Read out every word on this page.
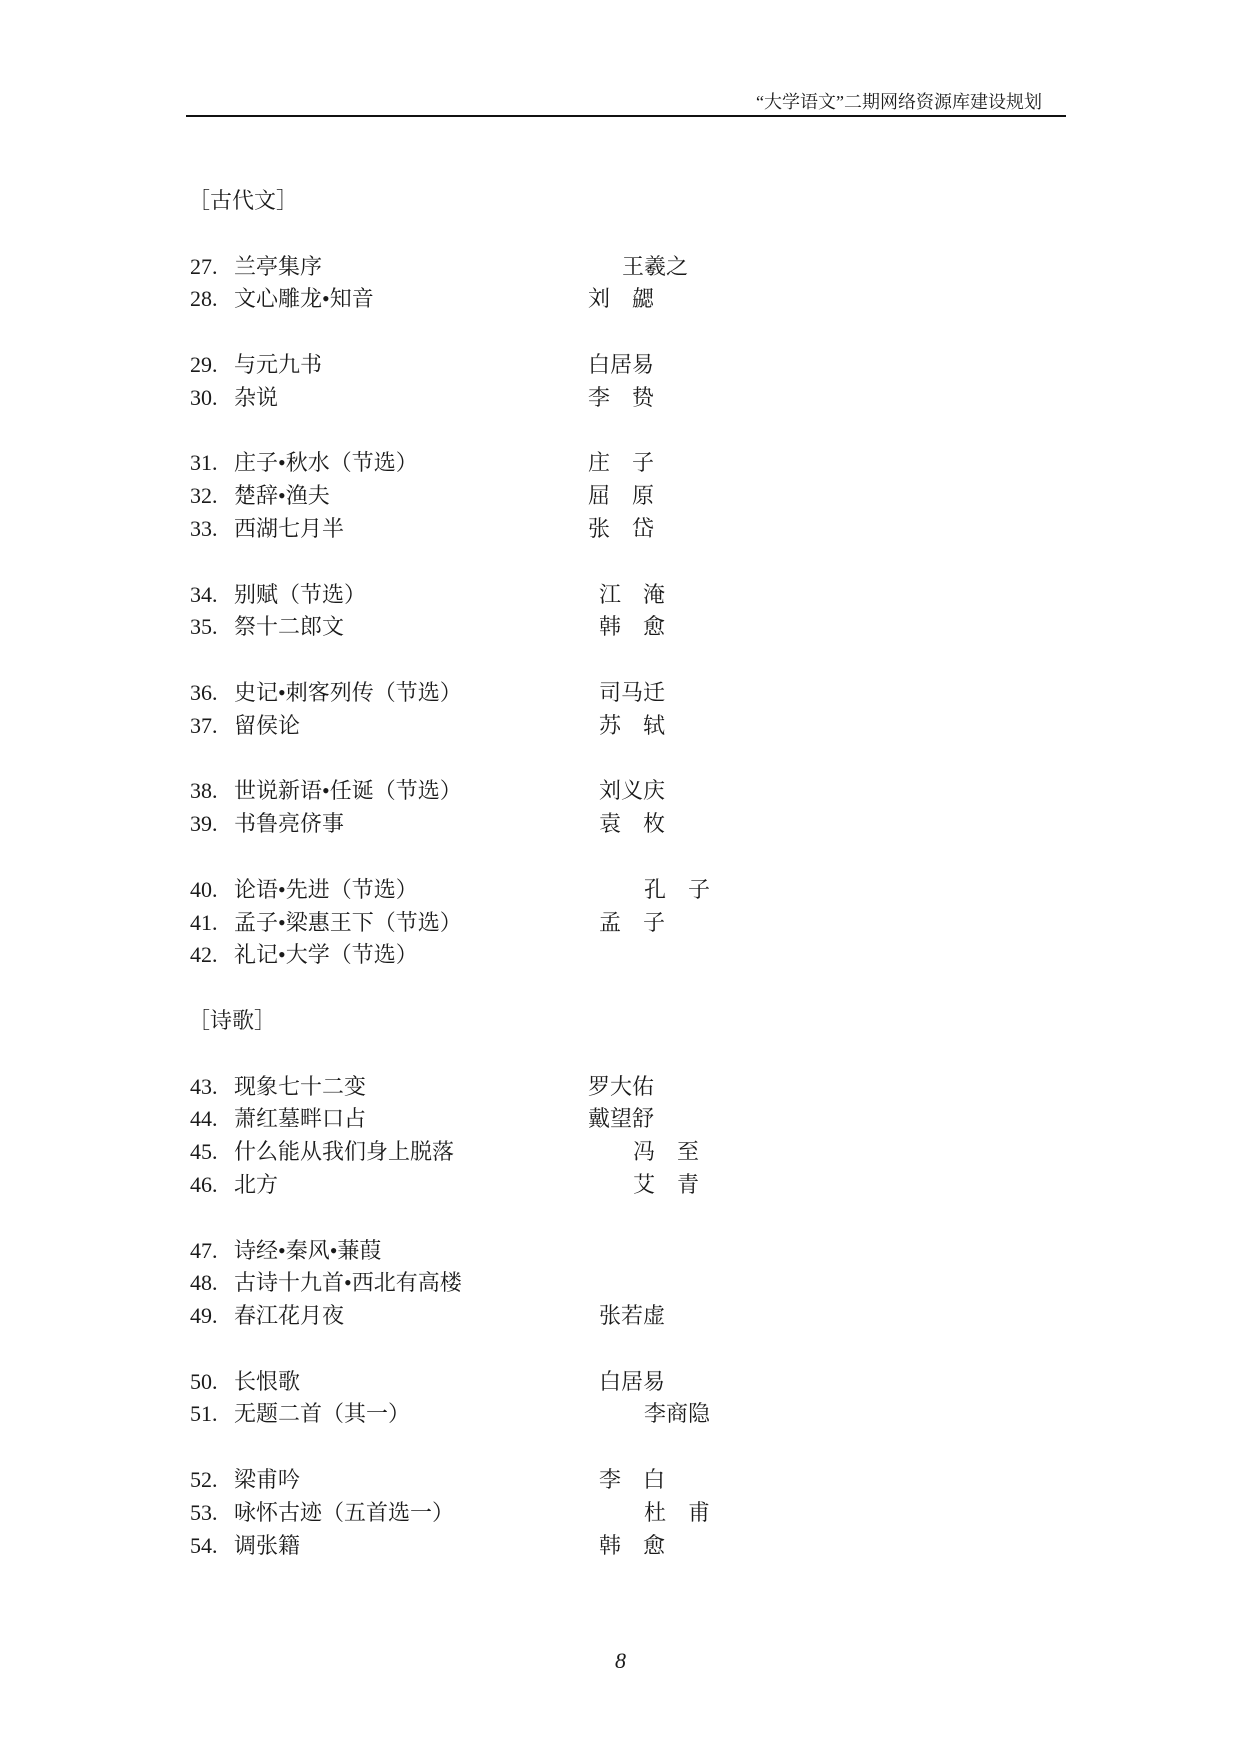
“大学语文”二期网络资源库建设规划
［古代文］
27. 兰亭集序	王羲之
28. 文心雕龙•知音	刘　勰
29. 与元九书	白居易
30. 杂说	李　贽
31. 庄子•秋水（节选）	庄　子
32. 楚辞•渔夫	屈　原
33. 西湖七月半	张　岱
34. 别赋（节选）	江　淹
35. 祭十二郎文	韩　愈
36. 史记•刺客列传（节选）	司马迁
37. 留侯论	苏　轼
38. 世说新语•任诞（节选）	刘义庆
39. 书鲁亮侪事	袁　枚
40. 论语•先进（节选）	孔　子
41. 孟子•梁惠王下（节选）	孟　子
42. 礼记•大学（节选）
［诗歌］
43. 现象七十二变	罗大佑
44. 萧红墓畔口占	戴望舒
45. 什么能从我们身上脱落	冯　至
46. 北方	艾　青
47. 诗经•秦风•蒹葭
48. 古诗十九首•西北有高楼
49. 春江花月夜	张若虚
50. 长恨歌	白居易
51. 无题二首（其一）	李商隐
52. 梁甫吟	李　白
53. 咏怀古迹（五首选一）	杜　甫
54. 调张籍	韩　愈
8
